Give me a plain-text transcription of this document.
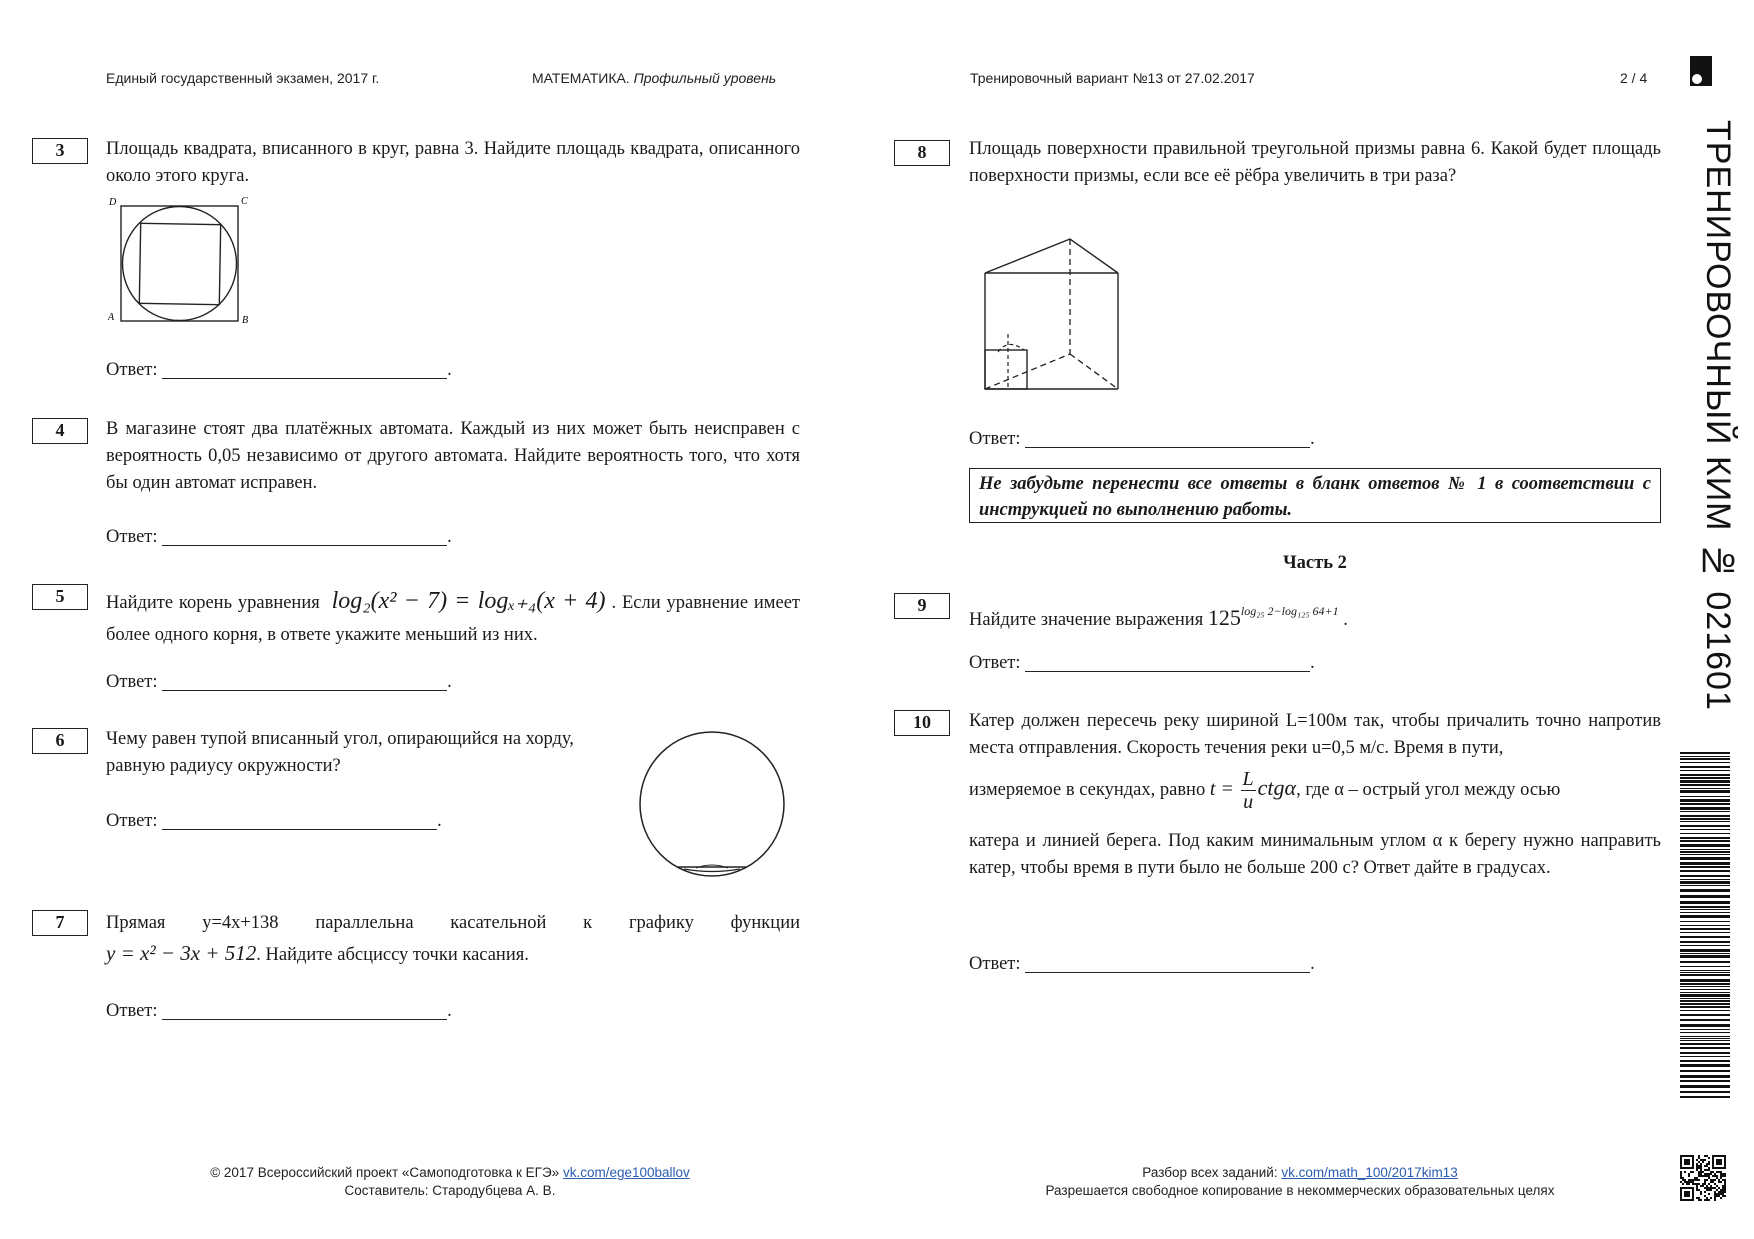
Единый государственный экзамен, 2017 г.	МАТЕМАТИКА. Профильный уровень	Тренировочный вариант №13 от 27.02.2017	2 / 4
ТРЕНИРОВОЧНЫЙ КИМ № 021601
3	Площадь квадрата, вписанного в круг, равна 3. Найдите площадь квадрата, описанного около этого круга.
D	C
A	B
Ответ:	.
4	В магазине стоят два платёжных автомата. Каждый из них может быть неисправен с вероятность 0,05 независимо от другого автомата. Найдите вероятность того, что хотя бы один автомат исправен.
Ответ:	.
5	Найдите корень уравнения log₂(x² − 7) = logₓ₊₄(x + 4) . Если уравнение имеет более одного корня, в ответе укажите меньший из них.
Ответ:	.
6	Чему равен тупой вписанный угол, опирающийся на хорду, равную радиусу окружности?
Ответ:	.
7	Прямая y=4x+138 параллельна касательной к графику функции
y = x² − 3x + 512. Найдите абсциссу точки касания.
Ответ:	.
8	Площадь поверхности правильной треугольной призмы равна 6. Какой будет площадь поверхности призмы, если все её рёбра увеличить в три раза?
Ответ:	.
Не забудьте перенести все ответы в бланк ответов № 1 в соответствии с инструкцией по выполнению работы.
Часть 2
9
Найдите значение выражения $125^{log_{25} 2-log_{125} 64+1}$ .
Ответ:	.
10	Катер должен пересечь реку шириной L=100м так, чтобы причалить точно напротив места отправления. Скорость течения реки u=0,5 м/с. Время в пути,
измеряемое в секундах, равно $t = \frac{L}{u} ctg\alpha$, где α – острый угол между осью
катера и линией берега. Под каким минимальным углом α к берегу нужно направить катер, чтобы время в пути было не больше 200 с? Ответ дайте в градусах.
Ответ:	.
© 2017 Всероссийский проект «Самоподготовка к ЕГЭ» vk.com/ege100ballov
Составитель: Стародубцева А. В.
Разбор всех заданий: vk.com/math_100/2017kim13
Разрешается свободное копирование в некоммерческих образовательных целях
